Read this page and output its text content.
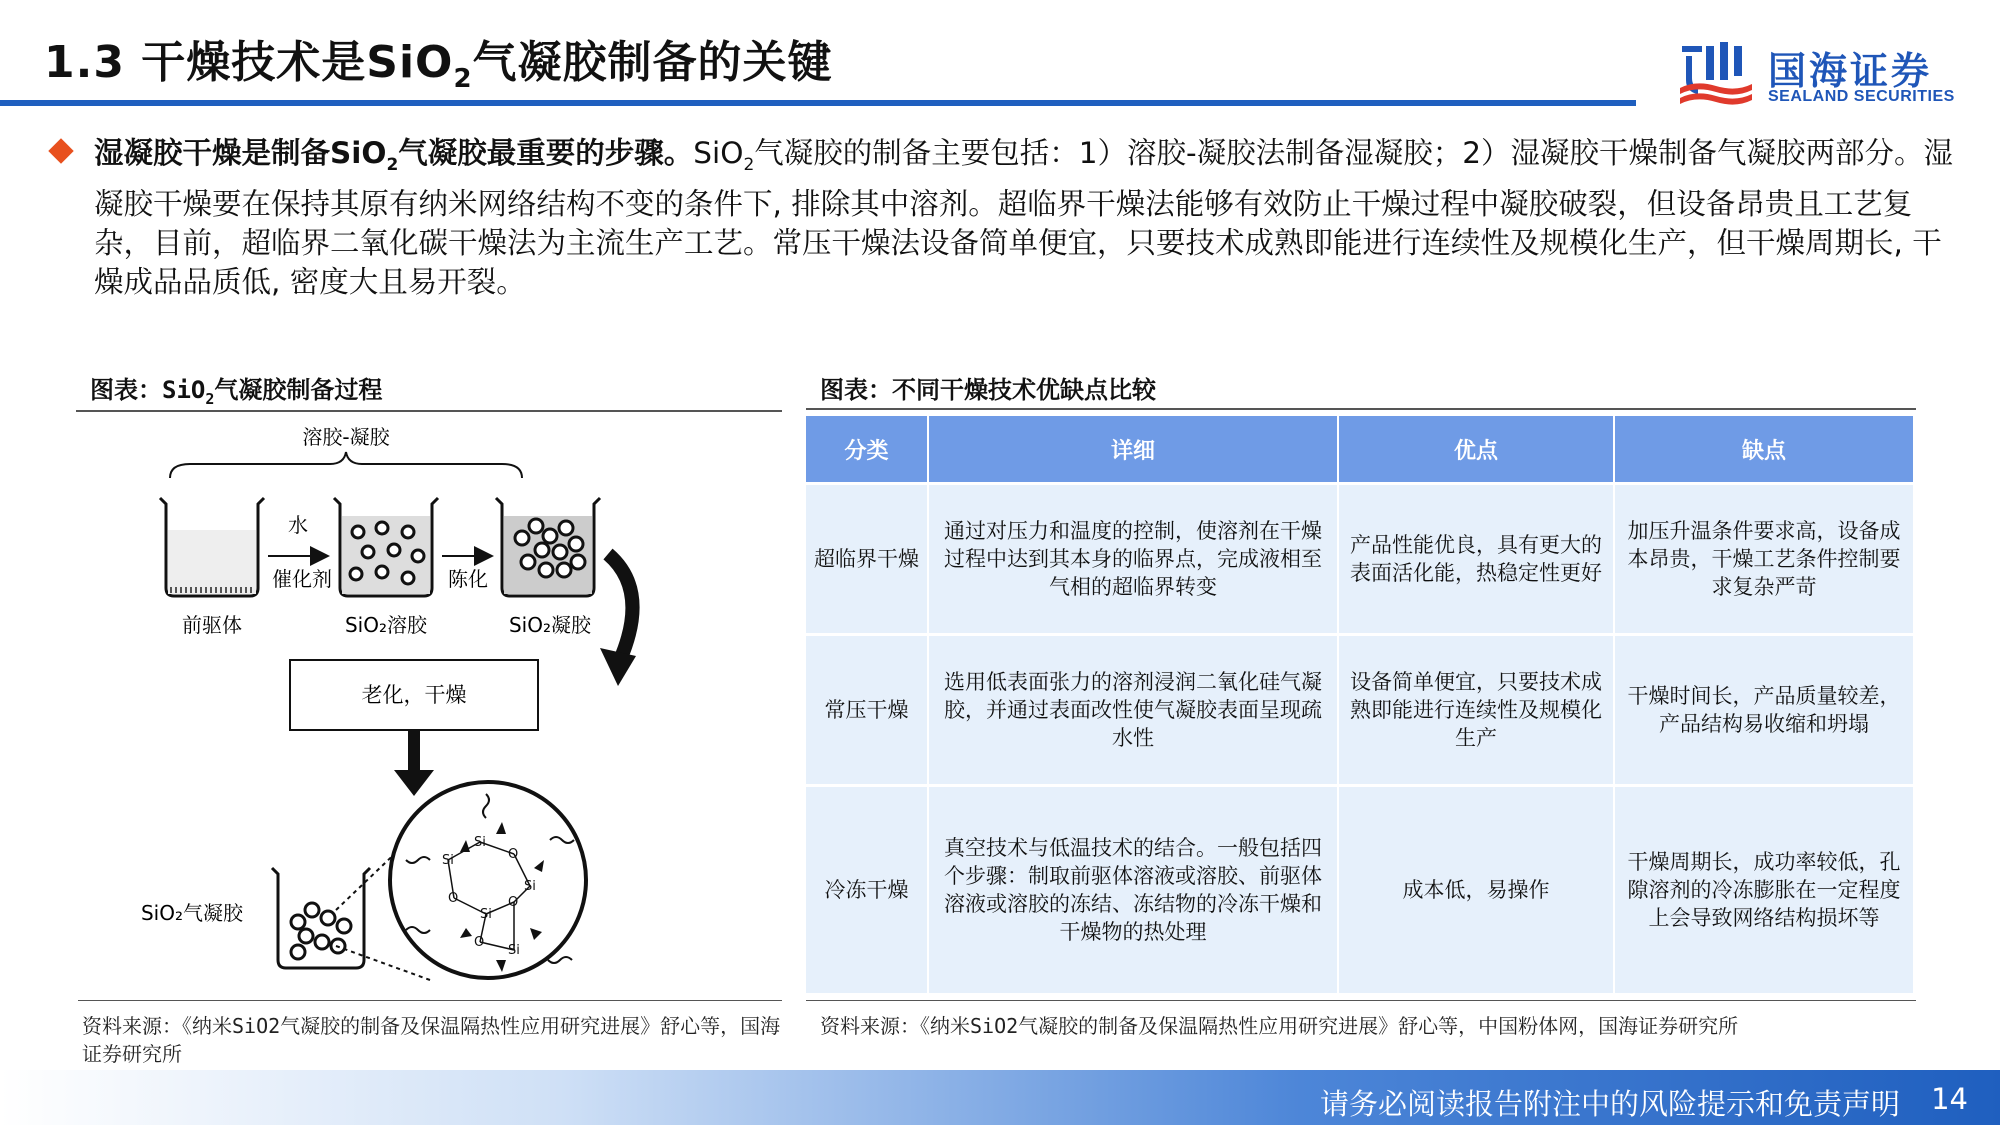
1.3 干燥技术是SiO$_2$气凝胶制备的关键	国海证券
SEALAND SECURITIES
湿凝胶干燥是制备SiO$_2$气凝胶最重要的步骤。SiO$_2$气凝胶的制备主要包括：1）溶胶-凝胶法制备湿凝胶；2）湿凝胶干燥制备气凝胶两部分。湿凝胶干燥要在保持其原有纳米网络结构不变的条件下, 排除其中溶剂。超临界干燥法能够有效防止干燥过程中凝胶破裂，但设备昂贵且工艺复杂，目前，超临界二氧化碳干燥法为主流生产工艺。常压干燥法设备简单便宜，只要技术成熟即能进行连续性及规模化生产，但干燥周期长, 干燥成品品质低, 密度大且易开裂。
图表：SiO$_2$气凝胶制备过程
溶胶-凝胶
前驱体
水
催化剂
SiO₂溶胶
陈化
SiO₂凝胶
老化，干燥
SiO₂气凝胶
Si
Si
O
Si
O
Si
O
O
Si
资料来源：《纳米SiO2气凝胶的制备及保温隔热性应用研究进展》舒心等，国海证券研究所
图表：不同干燥技术优缺点比较
分类	详细	优点	缺点
超临界干燥	通过对压力和温度的控制，使溶剂在干燥过程中达到其本身的临界点，完成液相至气相的超临界转变	产品性能优良，具有更大的表面活化能，热稳定性更好	加压升温条件要求高，设备成本昂贵，干燥工艺条件控制要求复杂严苛
常压干燥	选用低表面张力的溶剂浸润二氧化硅气凝胶，并通过表面改性使气凝胶表面呈现疏水性	设备简单便宜，只要技术成熟即能进行连续性及规模化生产	干燥时间长，产品质量较差，产品结构易收缩和坍塌
冷冻干燥	真空技术与低温技术的结合。一般包括四个步骤：制取前驱体溶液或溶胶、前驱体溶液或溶胶的冻结、冻结物的冷冻干燥和干燥物的热处理	成本低，易操作	干燥周期长，成功率较低，孔隙溶剂的冷冻膨胀在一定程度上会导致网络结构损坏等
资料来源：《纳米SiO2气凝胶的制备及保温隔热性应用研究进展》舒心等，中国粉体网，国海证券研究所
请务必阅读报告附注中的风险提示和免责声明 14
